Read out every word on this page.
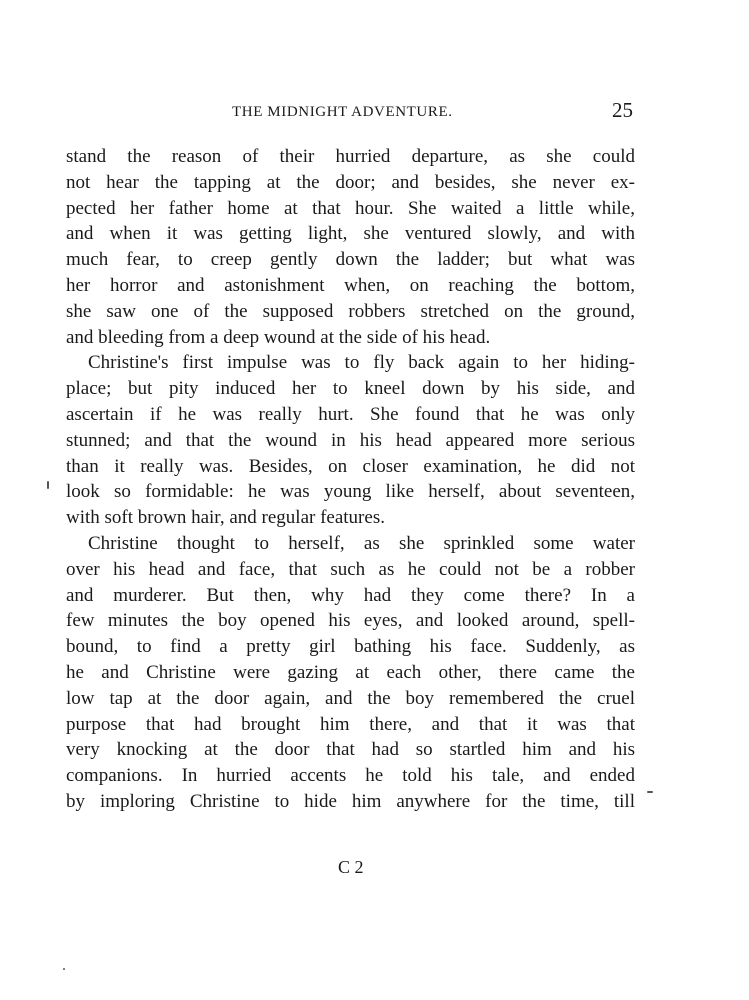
THE MIDNIGHT ADVENTURE.	25
stand the reason of their hurried departure, as she could
not hear the tapping at the door; and besides, she never ex-
pected her father home at that hour. She waited a little while,
and when it was getting light, she ventured slowly, and with
much fear, to creep gently down the ladder; but what was
her horror and astonishment when, on reaching the bottom,
she saw one of the supposed robbers stretched on the ground,
and bleeding from a deep wound at the side of his head.
Christine's first impulse was to fly back again to her hiding-
place; but pity induced her to kneel down by his side, and
ascertain if he was really hurt. She found that he was only
stunned; and that the wound in his head appeared more serious
than it really was. Besides, on closer examination, he did not
look so formidable: he was young like herself, about seventeen,
with soft brown hair, and regular features.
Christine thought to herself, as she sprinkled some water
over his head and face, that such as he could not be a robber
and murderer. But then, why had they come there? In a
few minutes the boy opened his eyes, and looked around, spell-
bound, to find a pretty girl bathing his face. Suddenly, as
he and Christine were gazing at each other, there came the
low tap at the door again, and the boy remembered the cruel
purpose that had brought him there, and that it was that
very knocking at the door that had so startled him and his
companions. In hurried accents he told his tale, and ended
by imploring Christine to hide him anywhere for the time, till
C 2
